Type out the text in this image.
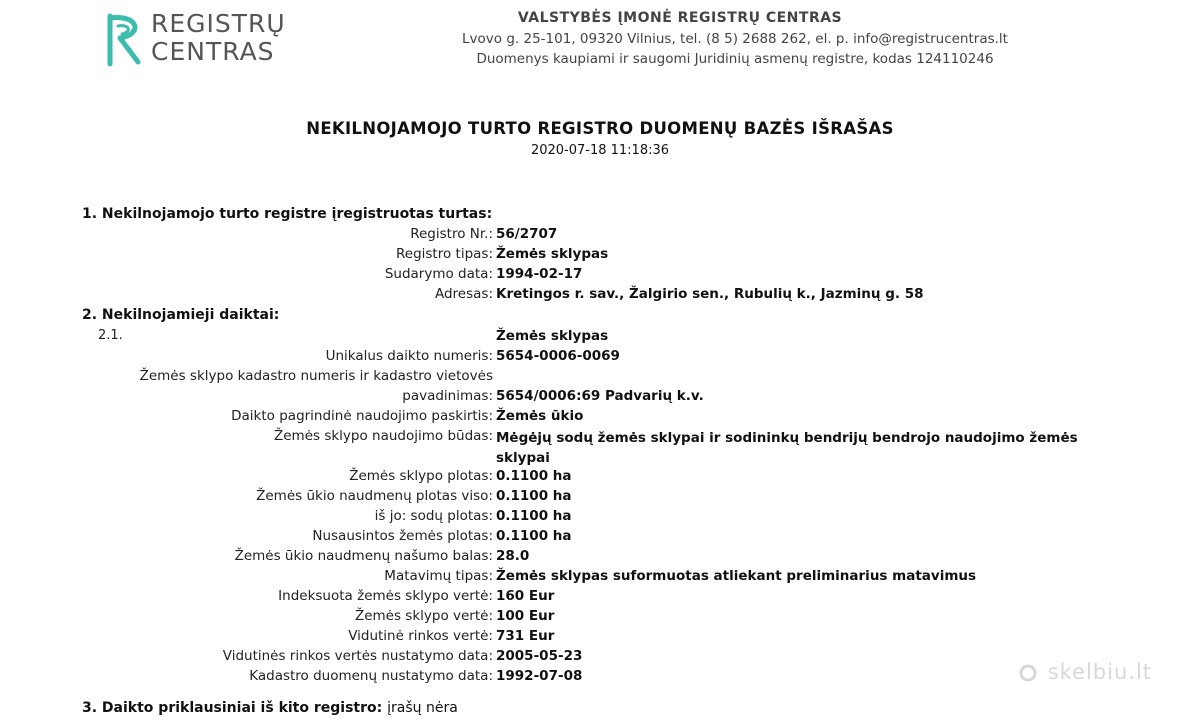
REGISTRŲ
CENTRAS
VALSTYBĖS ĮMONĖ REGISTRŲ CENTRAS
Lvovo g. 25-101, 09320 Vilnius, tel. (8 5) 2688 262, el. p. info@registrucentras.lt
Duomenys kaupiami ir saugomi Juridinių asmenų registre, kodas 124110246
NEKILNOJAMOJO TURTO REGISTRO DUOMENŲ BAZĖS IŠRAŠAS
2020-07-18 11:18:36
1. Nekilnojamojo turto registre įregistruotas turtas:
Registro Nr.: 56/2707
Registro tipas: Žemės sklypas
Sudarymo data: 1994-02-17
Adresas: Kretingos r. sav., Žalgirio sen., Rubulių k., Jazminų g. 58
2. Nekilnojamieji daiktai:
2.1.	Žemės sklypas
Unikalus daikto numeris: 5654-0006-0069
Žemės sklypo kadastro numeris ir kadastro vietovės
pavadinimas: 5654/0006:69 Padvarių k.v.
Daikto pagrindinė naudojimo paskirtis: Žemės ūkio
Žemės sklypo naudojimo būdas: Mėgėjų sodų žemės sklypai ir sodininkų bendrijų bendrojo naudojimo žemės sklypai
Žemės sklypo plotas: 0.1100 ha
Žemės ūkio naudmenų plotas viso: 0.1100 ha
iš jo: sodų plotas: 0.1100 ha
Nusausintos žemės plotas: 0.1100 ha
Žemės ūkio naudmenų našumo balas: 28.0
Matavimų tipas: Žemės sklypas suformuotas atliekant preliminarius matavimus
Indeksuota žemės sklypo vertė: 160 Eur
Žemės sklypo vertė: 100 Eur
Vidutinė rinkos vertė: 731 Eur
Vidutinės rinkos vertės nustatymo data: 2005-05-23
Kadastro duomenų nustatymo data: 1992-07-08
3. Daikto priklausiniai iš kito registro: įrašų nėra
skelbiu.lt
